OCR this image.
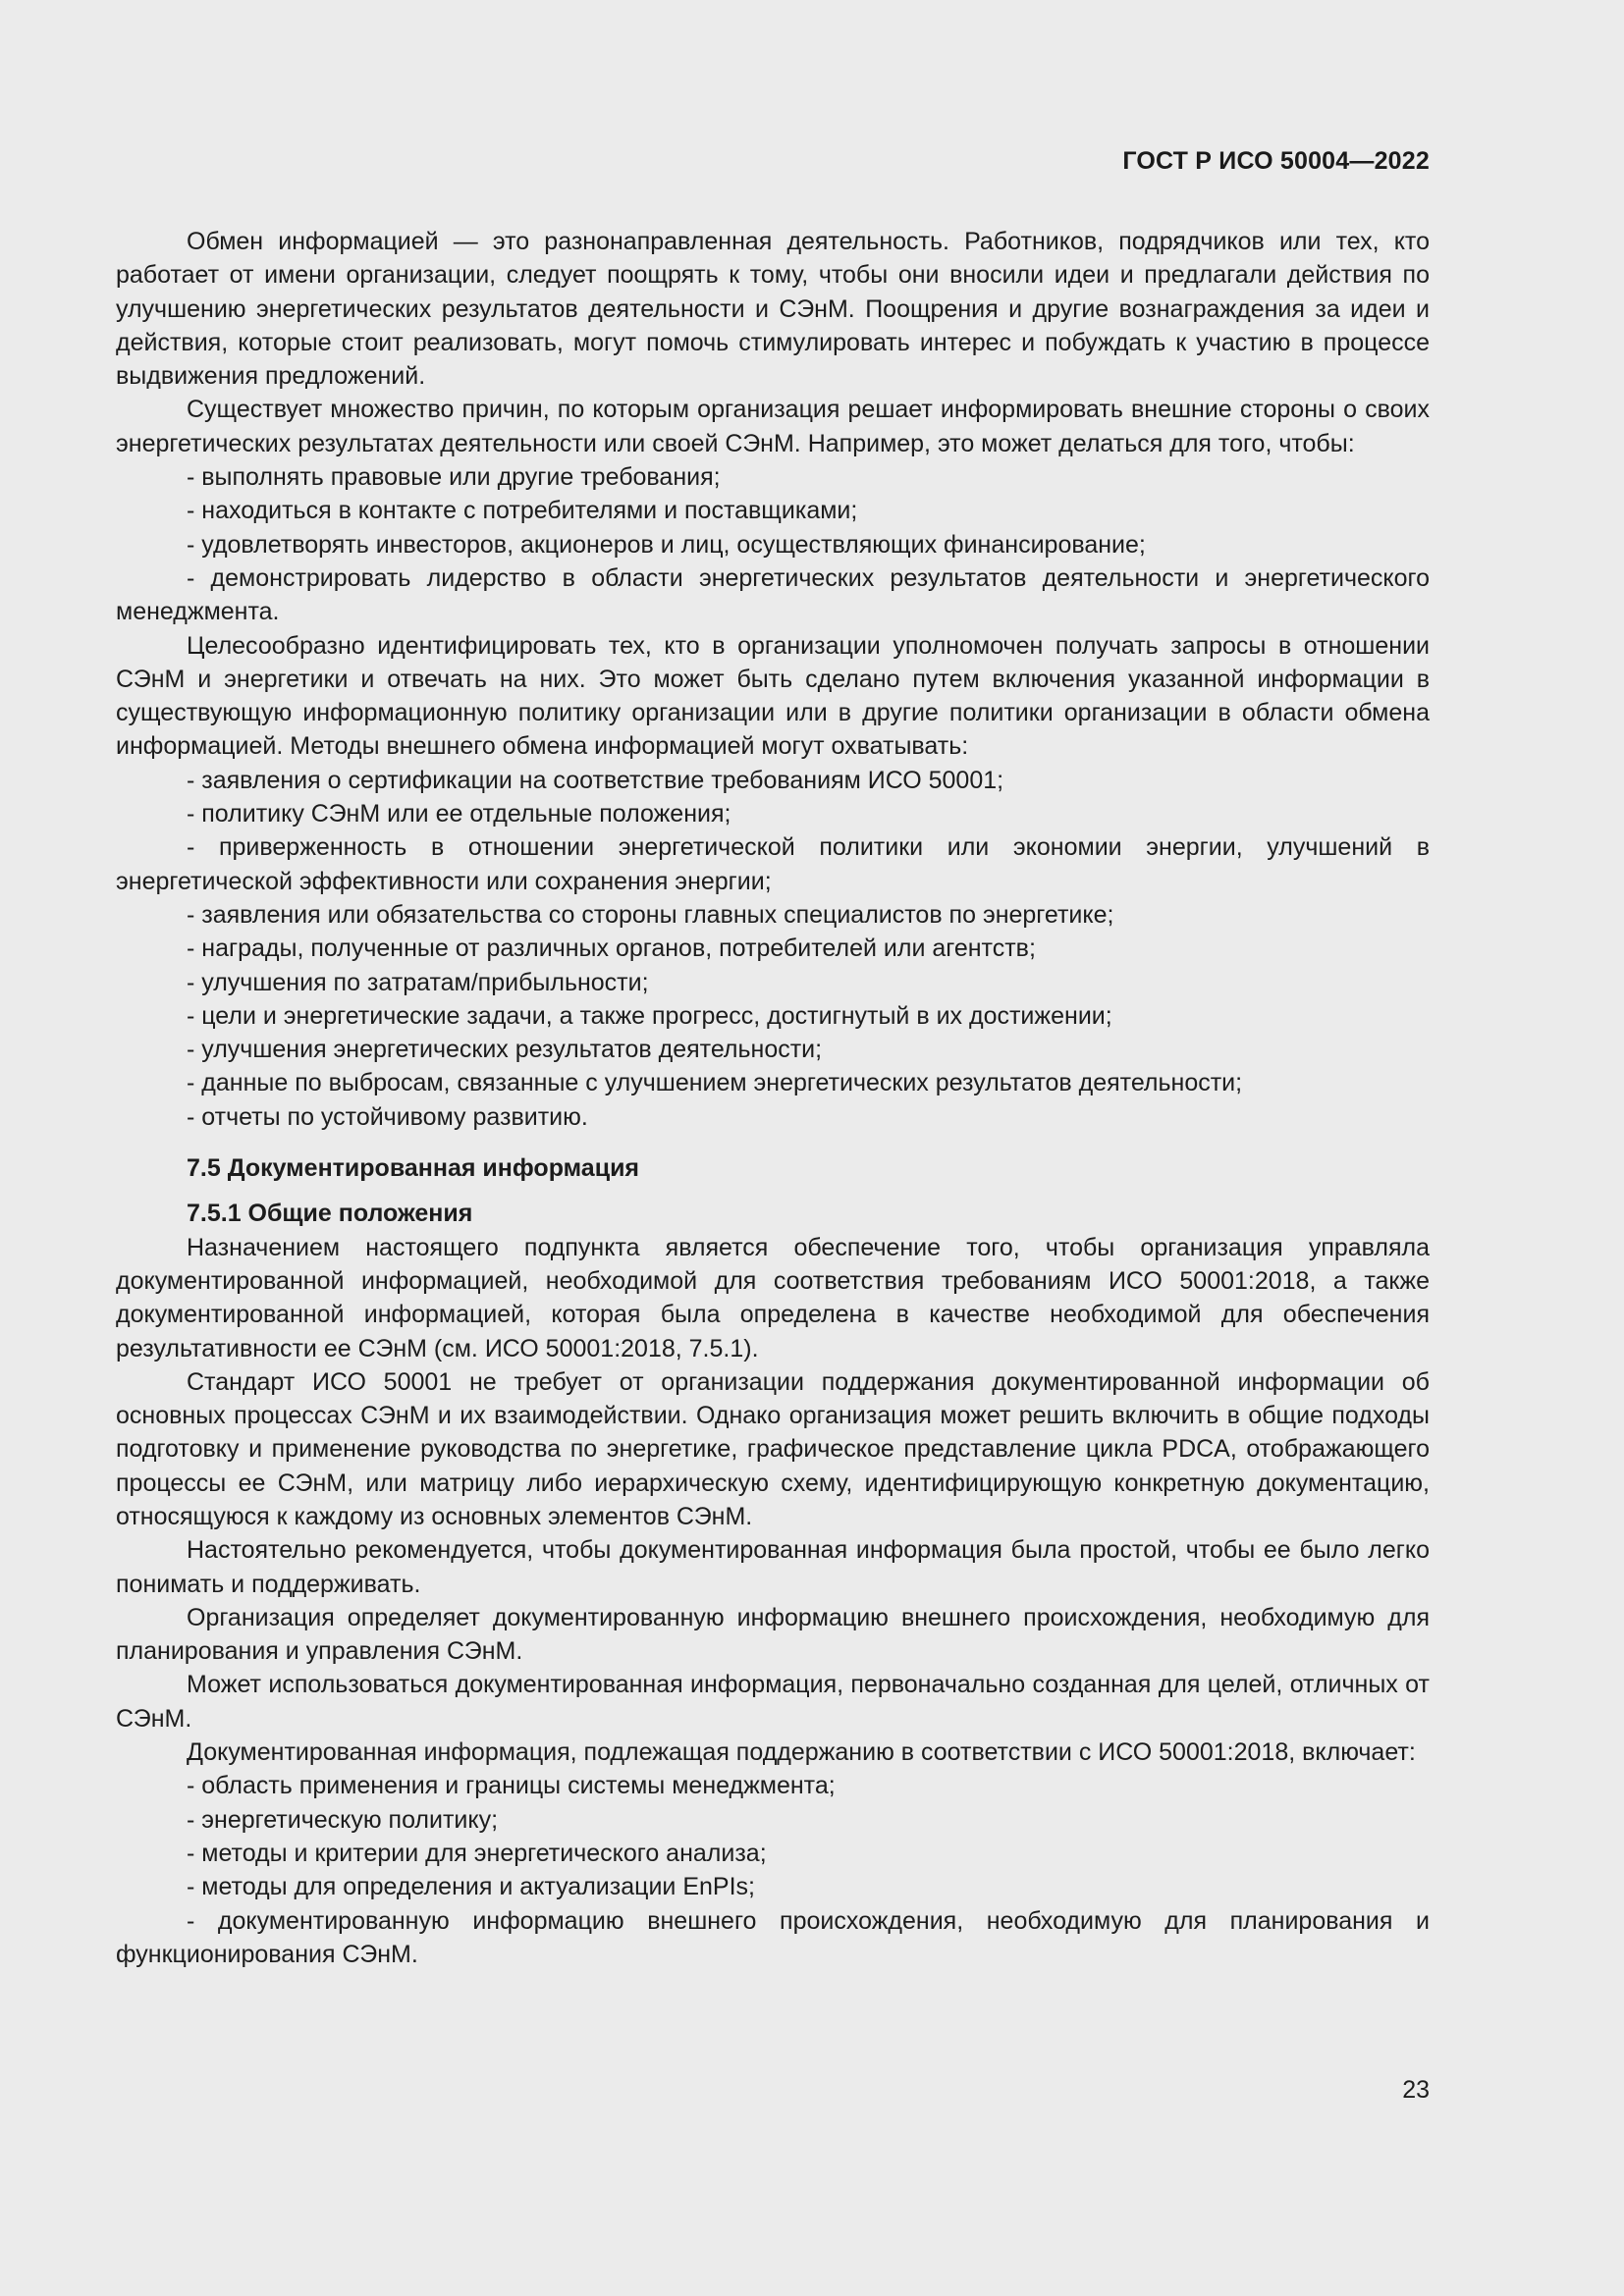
ГОСТ Р ИСО 50004—2022

Обмен информацией — это разнонаправленная деятельность. Работников, подрядчиков или тех, кто работает от имени организации, следует поощрять к тому, чтобы они вносили идеи и предлагали действия по улучшению энергетических результатов деятельности и СЭнМ. Поощрения и другие вознаграждения за идеи и действия, которые стоит реализовать, могут помочь стимулировать интерес и побуждать к участию в процессе выдвижения предложений.

Существует множество причин, по которым организация решает информировать внешние стороны о своих энергетических результатах деятельности или своей СЭнМ. Например, это может делаться для того, чтобы:

- выполнять правовые или другие требования;

- находиться в контакте с потребителями и поставщиками;

- удовлетворять инвесторов, акционеров и лиц, осуществляющих финансирование;

- демонстрировать лидерство в области энергетических результатов деятельности и энергетического менеджмента.

Целесообразно идентифицировать тех, кто в организации уполномочен получать запросы в отношении СЭнМ и энергетики и отвечать на них. Это может быть сделано путем включения указанной информации в существующую информационную политику организации или в другие политики организации в области обмена информацией. Методы внешнего обмена информацией могут охватывать:

- заявления о сертификации на соответствие требованиям ИСО 50001;

- политику СЭнМ или ее отдельные положения;

- приверженность в отношении энергетической политики или экономии энергии, улучшений в энергетической эффективности или сохранения энергии;

- заявления или обязательства со стороны главных специалистов по энергетике;

- награды, полученные от различных органов, потребителей или агентств;

- улучшения по затратам/прибыльности;

- цели и энергетические задачи, а также прогресс, достигнутый в их достижении;

- улучшения энергетических результатов деятельности;

- данные по выбросам, связанные с улучшением энергетических результатов деятельности;

- отчеты по устойчивому развитию.

7.5 Документированная информация
7.5.1 Общие положения

Назначением настоящего подпункта является обеспечение того, чтобы организация управляла документированной информацией, необходимой для соответствия требованиям ИСО 50001:2018, а также документированной информацией, которая была определена в качестве необходимой для обеспечения результативности ее СЭнМ (см. ИСО 50001:2018, 7.5.1).

Стандарт ИСО 50001 не требует от организации поддержания документированной информации об основных процессах СЭнМ и их взаимодействии. Однако организация может решить включить в общие подходы подготовку и применение руководства по энергетике, графическое представление цикла PDCA, отображающего процессы ее СЭнМ, или матрицу либо иерархическую схему, идентифицирующую конкретную документацию, относящуюся к каждому из основных элементов СЭнМ.

Настоятельно рекомендуется, чтобы документированная информация была простой, чтобы ее было легко понимать и поддерживать.

Организация определяет документированную информацию внешнего происхождения, необходимую для планирования и управления СЭнМ.

Может использоваться документированная информация, первоначально созданная для целей, отличных от СЭнМ.

Документированная информация, подлежащая поддержанию в соответствии с ИСО 50001:2018, включает:

- область применения и границы системы менеджмента;

- энергетическую политику;

- методы и критерии для энергетического анализа;

- методы для определения и актуализации EnPIs;

- документированную информацию внешнего происхождения, необходимую для планирования и функционирования СЭнМ.

23
